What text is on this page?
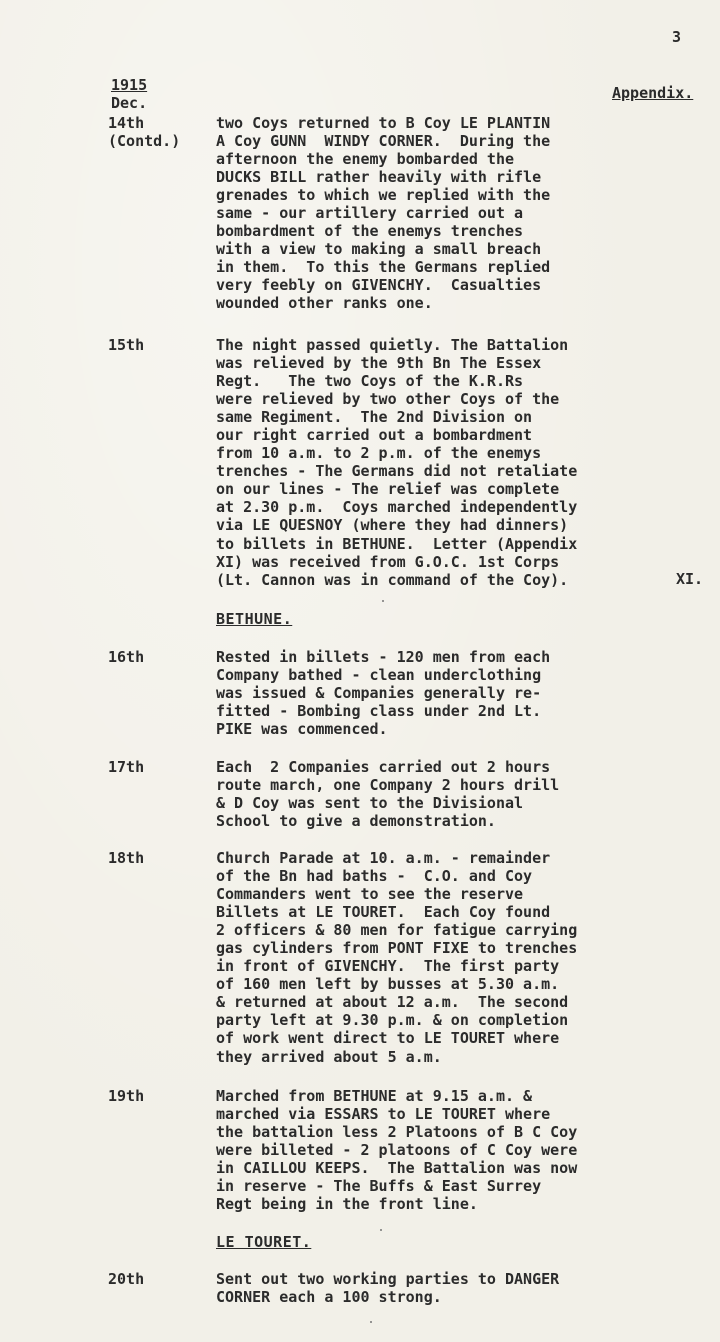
3
1915	Appendix.
Dec.
14th
(Contd.)
two Coys returned to B Coy LE PLANTIN
A Coy GUNN  WINDY CORNER.  During the
afternoon the enemy bombarded the
DUCKS BILL rather heavily with rifle
grenades to which we replied with the
same - our artillery carried out a
bombardment of the enemys trenches
with a view to making a small breach
in them.  To this the Germans replied
very feebly on GIVENCHY.  Casualties
wounded other ranks one.
15th	The night passed quietly. The Battalion
was relieved by the 9th Bn The Essex
Regt.   The two Coys of the K.R.Rs
were relieved by two other Coys of the
same Regiment.  The 2nd Division on
our right carried out a bombardment
from 10 a.m. to 2 p.m. of the enemys
trenches - The Germans did not retaliate
on our lines - The relief was complete
at 2.30 p.m.  Coys marched independently
via LE QUESNOY (where they had dinners)
to billets in BETHUNE.  Letter (Appendix
XI) was received from G.O.C. 1st Corps
(Lt. Cannon was in command of the Coy).	XI.
BETHUNE.
16th	Rested in billets - 120 men from each
Company bathed - clean underclothing
was issued & Companies generally re-
fitted - Bombing class under 2nd Lt.
PIKE was commenced.
17th	Each  2 Companies carried out 2 hours
route march, one Company 2 hours drill
& D Coy was sent to the Divisional
School to give a demonstration.
18th	Church Parade at 10. a.m. - remainder
of the Bn had baths -  C.O. and Coy
Commanders went to see the reserve
Billets at LE TOURET.  Each Coy found
2 officers & 80 men for fatigue carrying
gas cylinders from PONT FIXE to trenches
in front of GIVENCHY.  The first party
of 160 men left by busses at 5.30 a.m.
& returned at about 12 a.m.  The second
party left at 9.30 p.m. & on completion
of work went direct to LE TOURET where
they arrived about 5 a.m.
19th	Marched from BETHUNE at 9.15 a.m. &
marched via ESSARS to LE TOURET where
the battalion less 2 Platoons of B C Coy
were billeted - 2 platoons of C Coy were
in CAILLOU KEEPS.  The Battalion was now
in reserve - The Buffs & East Surrey
Regt being in the front line.
LE TOURET.
20th	Sent out two working parties to DANGER
CORNER each a 100 strong.
